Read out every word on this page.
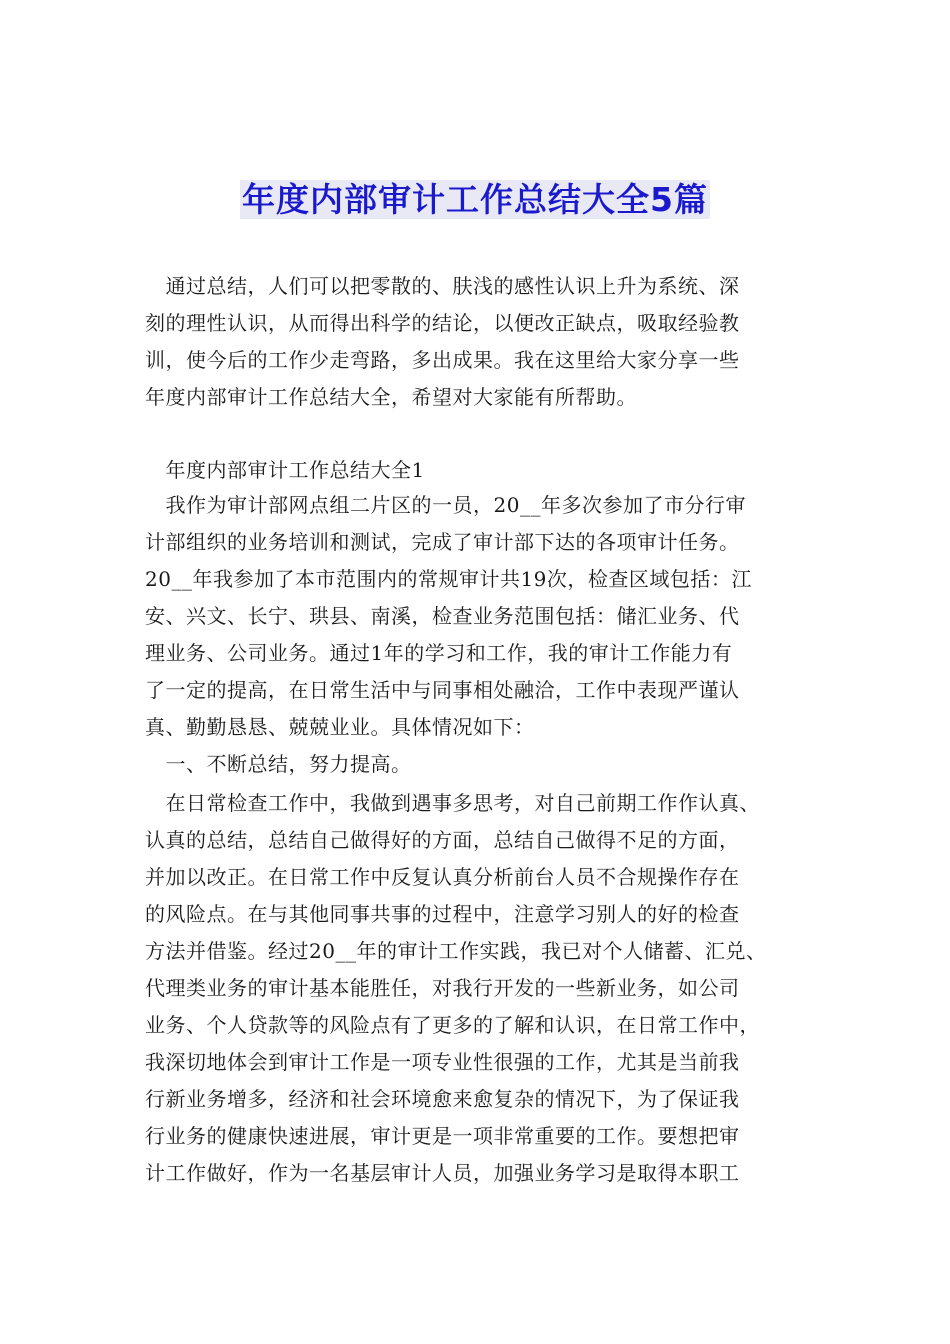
年度内部审计工作总结大全5篇
　通过总结，人们可以把零散的、肤浅的感性认识上升为系统、深
刻的理性认识，从而得出科学的结论，以便改正缺点，吸取经验教
训，使今后的工作少走弯路，多出成果。我在这里给大家分享一些
年度内部审计工作总结大全，希望对大家能有所帮助。
　年度内部审计工作总结大全1
　我作为审计部网点组二片区的一员，20__年多次参加了市分行审
计部组织的业务培训和测试，完成了审计部下达的各项审计任务。
20__年我参加了本市范围内的常规审计共19次，检查区域包括：江
安、兴文、长宁、珙县、南溪，检查业务范围包括：储汇业务、代
理业务、公司业务。通过1年的学习和工作，我的审计工作能力有
了一定的提高，在日常生活中与同事相处融洽，工作中表现严谨认
真、勤勤恳恳、兢兢业业。具体情况如下：
　一、不断总结，努力提高。
　在日常检查工作中，我做到遇事多思考，对自己前期工作作认真、
认真的总结，总结自己做得好的方面，总结自己做得不足的方面，
并加以改正。在日常工作中反复认真分析前台人员不合规操作存在
的风险点。在与其他同事共事的过程中，注意学习别人的好的检查
方法并借鉴。经过20__年的审计工作实践，我已对个人储蓄、汇兑、
代理类业务的审计基本能胜任，对我行开发的一些新业务，如公司
业务、个人贷款等的风险点有了更多的了解和认识，在日常工作中，
我深切地体会到审计工作是一项专业性很强的工作，尤其是当前我
行新业务增多，经济和社会环境愈来愈复杂的情况下，为了保证我
行业务的健康快速进展，审计更是一项非常重要的工作。要想把审
计工作做好，作为一名基层审计人员，加强业务学习是取得本职工
